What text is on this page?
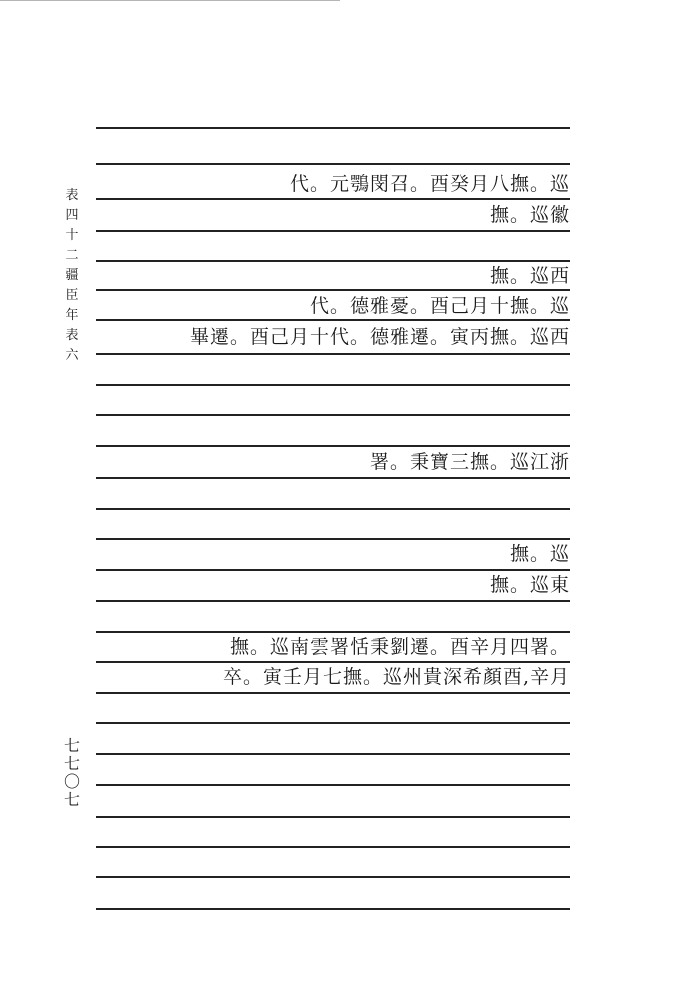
表四十二 疆臣年表六
代。元鶚閔召。酉癸月八撫。巡
撫。巡徽
撫。巡西
代。德雅憂。酉己月十撫。巡
畢遷。酉己月十代。德雅遷。寅丙撫。巡西
署。秉寶三撫。巡江浙
撫。巡
撫。巡東
撫。巡南雲署恬秉劉遷。酉辛月四署。
卒。寅壬月七撫。巡州貴深希顏酉,辛月
七七〇七
